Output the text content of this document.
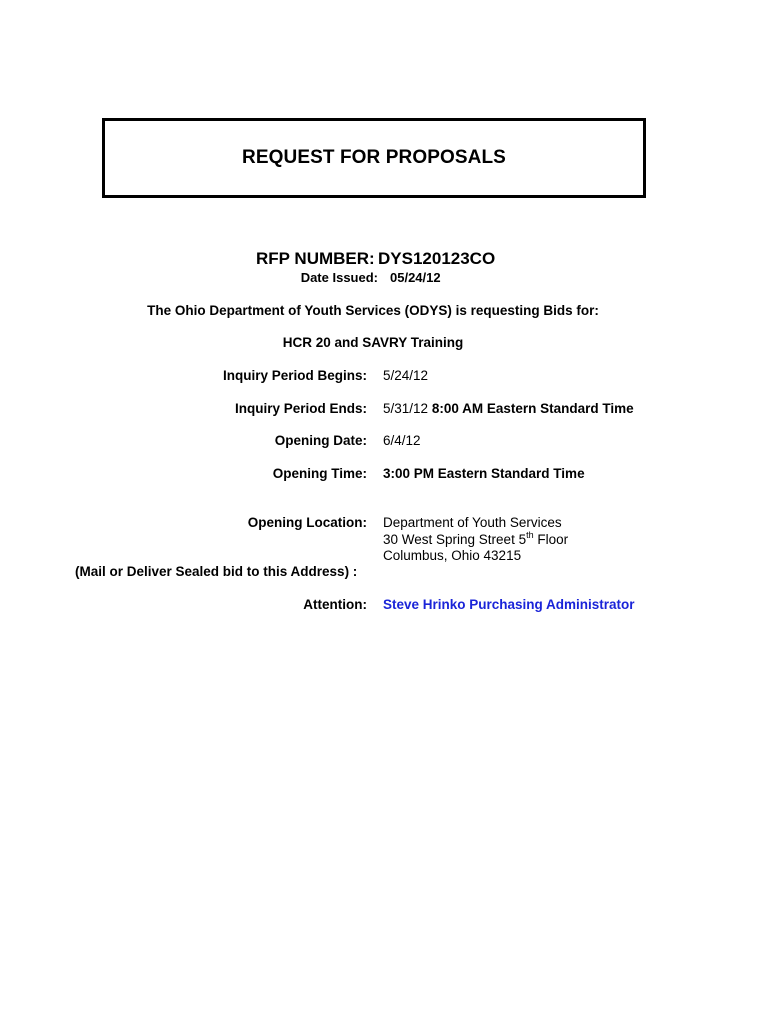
REQUEST FOR PROPOSALS
RFP NUMBER: DYS120123CO
Date Issued: 05/24/12
The Ohio Department of Youth Services (ODYS) is requesting Bids for:
HCR 20 and SAVRY Training
Inquiry Period Begins: 5/24/12
Inquiry Period Ends: 5/31/12 8:00 AM Eastern Standard Time
Opening Date: 6/4/12
Opening Time: 3:00 PM Eastern Standard Time
Opening Location: Department of Youth Services
30 West Spring Street 5th Floor
Columbus, Ohio 43215
(Mail or Deliver Sealed bid to this Address) :
Attention: Steve Hrinko Purchasing Administrator
